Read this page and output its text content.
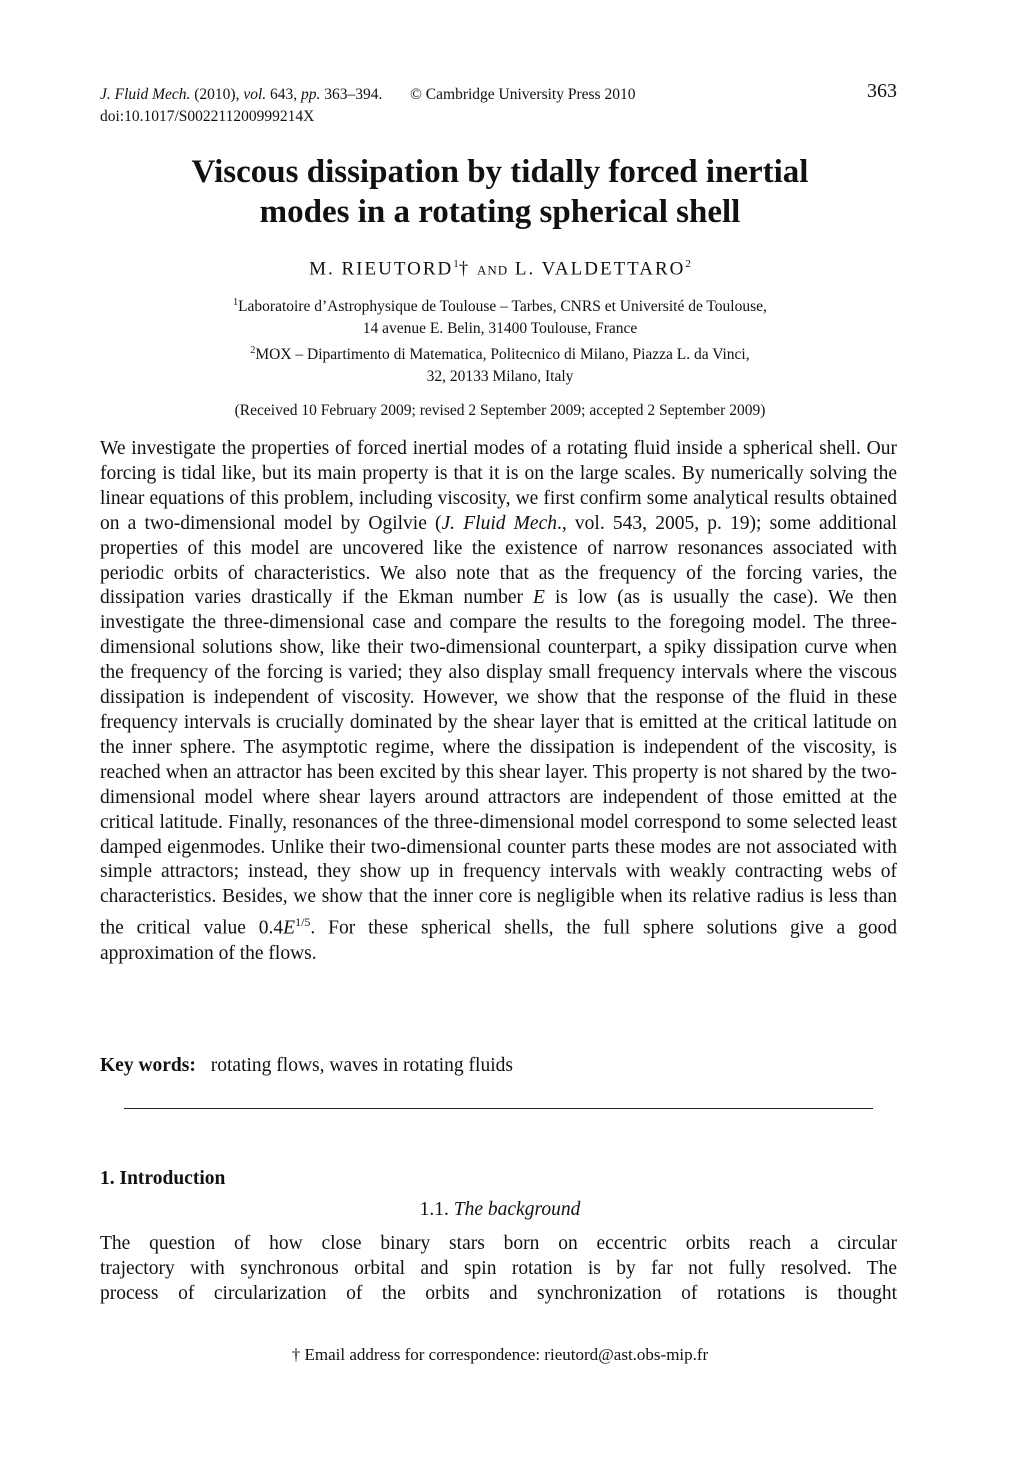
J. Fluid Mech. (2010), vol. 643, pp. 363–394. © Cambridge University Press 2010
doi:10.1017/S002211200999214X
363
Viscous dissipation by tidally forced inertial
modes in a rotating spherical shell
M. RIEUTORD$^1$† and L. VALDETTARO$^2$
$^1$Laboratoire d’Astrophysique de Toulouse – Tarbes, CNRS et Université de Toulouse,
14 avenue E. Belin, 31400 Toulouse, France
$^2$MOX – Dipartimento di Matematica, Politecnico di Milano, Piazza L. da Vinci,
32, 20133 Milano, Italy
(Received 10 February 2009; revised 2 September 2009; accepted 2 September 2009)
We investigate the properties of forced inertial modes of a rotating fluid inside a spherical shell. Our forcing is tidal like, but its main property is that it is on the large scales. By numerically solving the linear equations of this problem, including viscosity, we first confirm some analytical results obtained on a two-dimensional model by Ogilvie (J. Fluid Mech., vol. 543, 2005, p. 19); some additional properties of this model are uncovered like the existence of narrow resonances associated with periodic orbits of characteristics. We also note that as the frequency of the forcing varies, the dissipation varies drastically if the Ekman number E is low (as is usually the case). We then investigate the three-dimensional case and compare the results to the foregoing model. The three-dimensional solutions show, like their two-dimensional counterpart, a spiky dissipation curve when the frequency of the forcing is varied; they also display small frequency intervals where the viscous dissipation is independent of viscosity. However, we show that the response of the fluid in these frequency intervals is crucially dominated by the shear layer that is emitted at the critical latitude on the inner sphere. The asymptotic regime, where the dissipation is independent of the viscosity, is reached when an attractor has been excited by this shear layer. This property is not shared by the two-dimensional model where shear layers around attractors are independent of those emitted at the critical latitude. Finally, resonances of the three-dimensional model correspond to some selected least damped eigenmodes. Unlike their two-dimensional counter parts these modes are not associated with simple attractors; instead, they show up in frequency intervals with weakly contracting webs of characteristics. Besides, we show that the inner core is negligible when its relative radius is less than the critical value $0.4E^{1/5}$. For these spherical shells, the full sphere solutions give a good approximation of the flows.
Key words: rotating flows, waves in rotating fluids
1. Introduction
1.1. The background
The question of how close binary stars born on eccentric orbits reach a circular
trajectory with synchronous orbital and spin rotation is by far not fully resolved. The
process of circularization of the orbits and synchronization of rotations is thought
† Email address for correspondence: rieutord@ast.obs-mip.fr
